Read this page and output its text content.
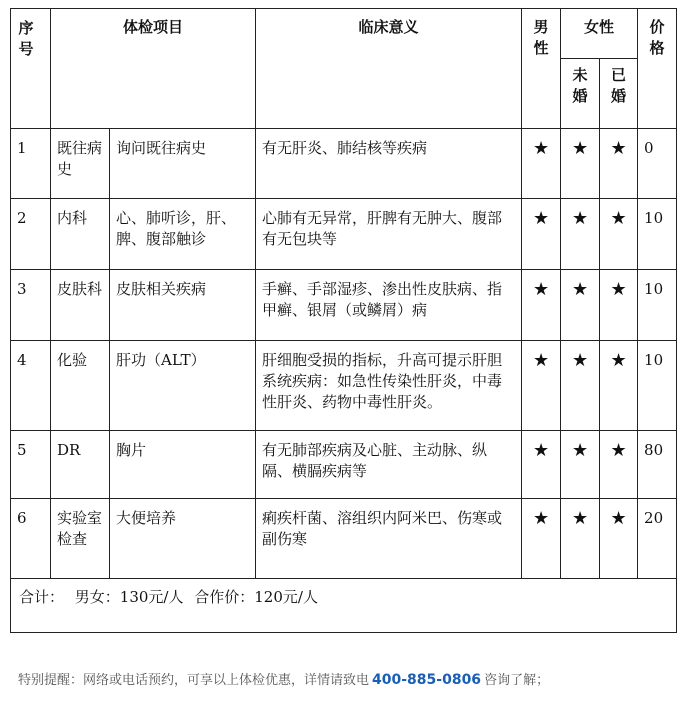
序号	体检项目		临床意义	男性	女性		价格
					未婚	已婚	
1	既往病史	询问既往病史	有无肝炎、肺结核等疾病	★	★	★	0
2	内科	心、肺听诊，肝、脾、腹部触诊	心肺有无异常，肝脾有无肿大、腹部有无包块等	★	★	★	10
3	皮肤科	皮肤相关疾病	手癣、手部湿疹、渗出性皮肤病、指甲癣、银屑（或鳞屑）病	★	★	★	10
4	化验	肝功（ALT）	肝细胞受损的指标，升高可提示肝胆系统疾病：如急性传染性肝炎，中毒性肝炎、药物中毒性肝炎。	★	★	★	10
5	DR	胸片	有无肺部疾病及心脏、主动脉、纵隔、横膈疾病等	★	★	★	80
6	实验室检查	大便培养	痢疾杆菌、溶组织内阿米巴、伤寒或副伤寒	★	★	★	20
合计： 男女：130元/人 合作价：120元/人							
特别提醒：网络或电话预约，可享以上体检优惠，详情请致电 400-885-0806 咨询了解；
